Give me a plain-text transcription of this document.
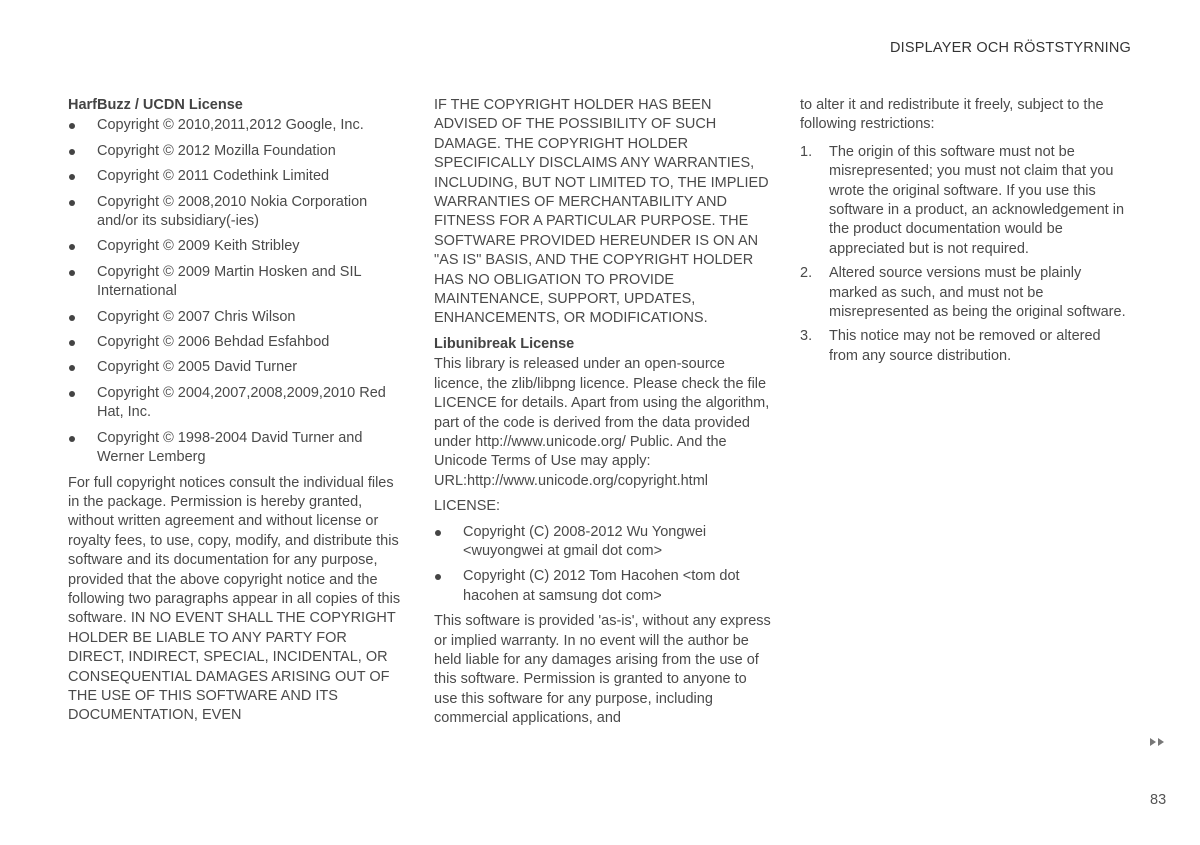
DISPLAYER OCH RÖSTSTYRNING
HarfBuzz / UCDN License
Copyright © 2010,2011,2012 Google, Inc.
Copyright © 2012 Mozilla Foundation
Copyright © 2011 Codethink Limited
Copyright © 2008,2010 Nokia Corporation and/or its subsidiary(-ies)
Copyright © 2009 Keith Stribley
Copyright © 2009 Martin Hosken and SIL International
Copyright © 2007 Chris Wilson
Copyright © 2006 Behdad Esfahbod
Copyright © 2005 David Turner
Copyright © 2004,2007,2008,2009,2010 Red Hat, Inc.
Copyright © 1998-2004 David Turner and Werner Lemberg

For full copyright notices consult the individual files in the package. Permission is hereby granted, without written agreement and without license or royalty fees, to use, copy, modify, and distribute this software and its documentation for any purpose, provided that the above copyright notice and the following two paragraphs appear in all copies of this software. IN NO EVENT SHALL THE COPYRIGHT HOLDER BE LIABLE TO ANY PARTY FOR DIRECT, INDIRECT, SPECIAL, INCIDENTAL, OR CONSEQUENTIAL DAMAGES ARISING OUT OF THE USE OF THIS SOFTWARE AND ITS DOCUMENTATION, EVEN

IF THE COPYRIGHT HOLDER HAS BEEN ADVISED OF THE POSSIBILITY OF SUCH DAMAGE. THE COPYRIGHT HOLDER SPECIFICALLY DISCLAIMS ANY WARRANTIES, INCLUDING, BUT NOT LIMITED TO, THE IMPLIED WARRANTIES OF MERCHANTABILITY AND FITNESS FOR A PARTICULAR PURPOSE. THE SOFTWARE PROVIDED HEREUNDER IS ON AN "AS IS" BASIS, AND THE COPYRIGHT HOLDER HAS NO OBLIGATION TO PROVIDE MAINTENANCE, SUPPORT, UPDATES, ENHANCEMENTS, OR MODIFICATIONS.

Libunibreak License

This library is released under an open-source licence, the zlib/libpng licence. Please check the file LICENCE for details. Apart from using the algorithm, part of the code is derived from the data provided under http://www.unicode.org/ Public. And the Unicode Terms of Use may apply: URL:http://www.unicode.org/copyright.html

LICENSE:

Copyright (C) 2008-2012 Wu Yongwei <wuyongwei at gmail dot com>
Copyright (C) 2012 Tom Hacohen <tom dot hacohen at samsung dot com>

This software is provided 'as-is', without any express or implied warranty. In no event will the author be held liable for any damages arising from the use of this software. Permission is granted to anyone to use this software for any purpose, including commercial applications, and

to alter it and redistribute it freely, subject to the following restrictions:

1. The origin of this software must not be misrepresented; you must not claim that you wrote the original software. If you use this software in a product, an acknowledgement in the product documentation would be appreciated but is not required.
2. Altered source versions must be plainly marked as such, and must not be misrepresented as being the original software.
3. This notice may not be removed or altered from any source distribution.
83
